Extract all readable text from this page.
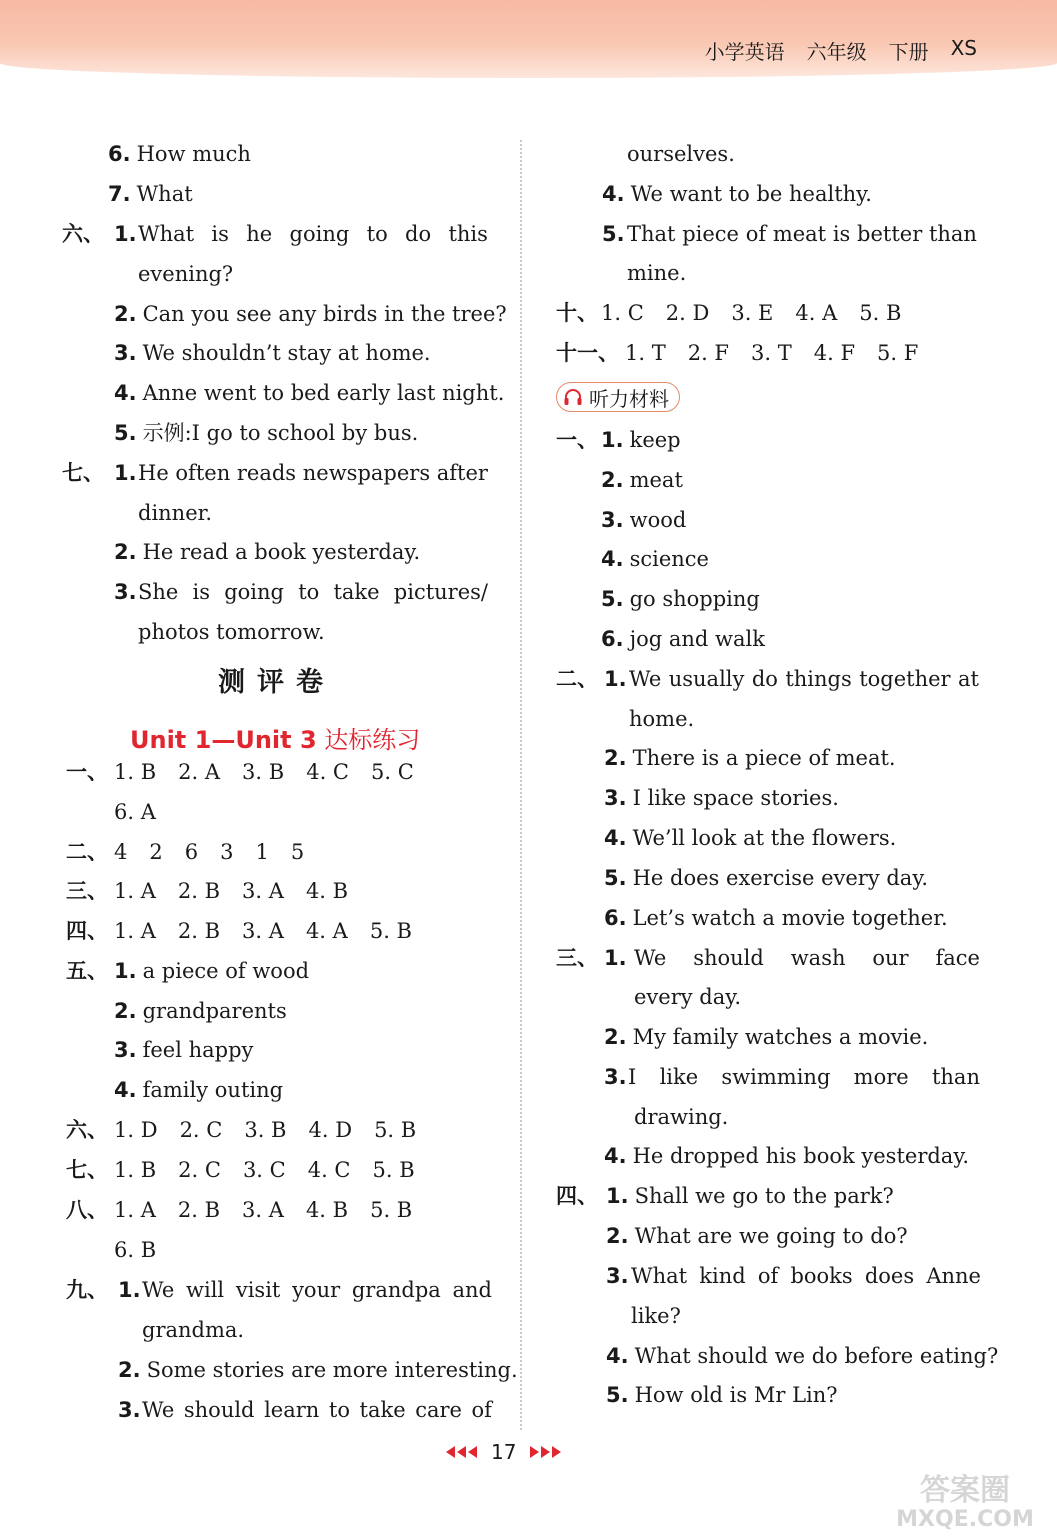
小学英语 六年级 下册 XS
6. How much
7. What
六、 1. What is he going to do this
evening?
2. Can you see any birds in the tree?
3. We shouldn’t stay at home.
4. Anne went to bed early last night.
5. 示例:I go to school by bus.
七、 1. He often reads newspapers after
dinner.
2. He read a book yesterday.
3. She is going to take pictures/
photos tomorrow.
测评卷
Unit 1—Unit 3 达标练习
一、 1. B 2. A 3. B 4. C 5. C
6. A
二、 4 2 6 3 1 5
三、 1. A 2. B 3. A 4. B
四、 1. A 2. B 3. A 4. A 5. B
五、 1. a piece of wood
2. grandparents
3. feel happy
4. family outing
六、 1. D 2. C 3. B 4. D 5. B
七、 1. B 2. C 3. C 4. C 5. B
八、 1. A 2. B 3. A 4. B 5. B
6. B
九、 1. We will visit your grandpa and
grandma.
2. Some stories are more interesting.
3. We should learn to take care of
ourselves.
4. We want to be healthy.
5. That piece of meat is better than
mine.
十、 1. C 2. D 3. E 4. A 5. B
十一、 1. T 2. F 3. T 4. F 5. F
听力材料
一、 1. keep
2. meat
3. wood
4. science
5. go shopping
6. jog and walk
二、 1. We usually do things together at
home.
2. There is a piece of meat.
3. I like space stories.
4. We’ll look at the flowers.
5. He does exercise every day.
6. Let’s watch a movie together.
三、 1. We should wash our face
every day.
2. My family watches a movie.
3. I like swimming more than
drawing.
4. He dropped his book yesterday.
四、 1. Shall we go to the park?
2. What are we going to do?
3. What kind of books does Anne
like?
4. What should we do before eating?
5. How old is Mr Lin?
17
答案圈
MXQE.COM
